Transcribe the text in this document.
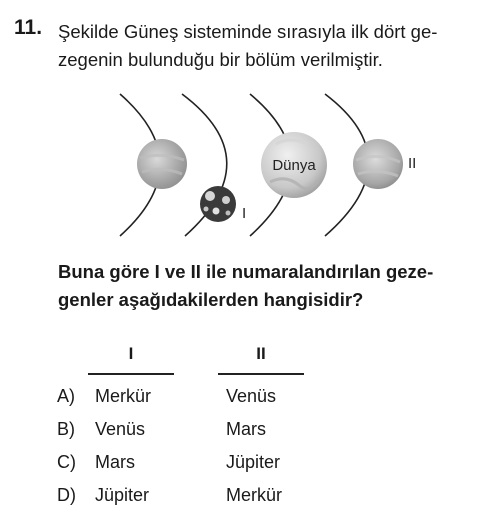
11. Şekilde Güneş sisteminde sırasıyla ilk dört ge-
zegenin bulunduğu bir bölüm verilmiştir.
I
Dünya	II
Buna göre I ve II ile numaralandırılan geze-
genler aşağıdakilerden hangisidir?
I	II
A) Merkür	Venüs
B) Venüs	Mars
C) Mars	Jüpiter
D) Jüpiter	Merkür
